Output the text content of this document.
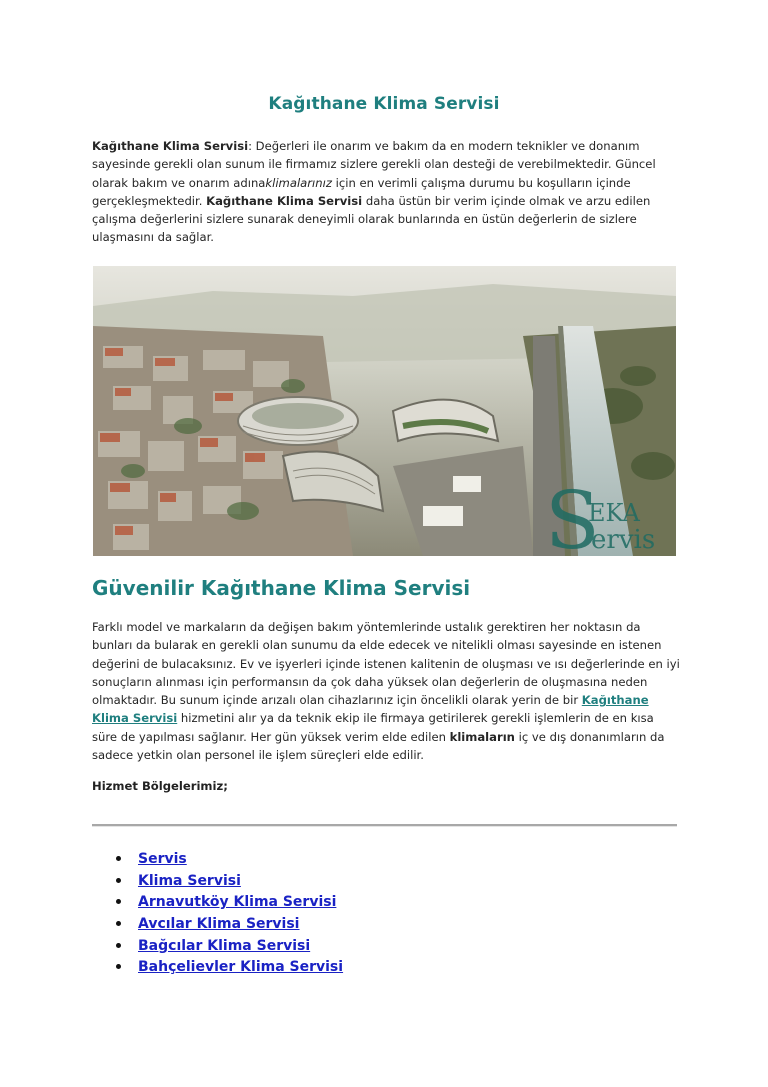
Kağıthane Klima Servisi
Kağıthane Klima Servisi: Değerleri ile onarım ve bakım da en modern teknikler ve donanım sayesinde gerekli olan sunum ile firmamız sizlere gerekli olan desteği de verebilmektedir. Güncel olarak bakım ve onarım adınaklimalarınız için en verimli çalışma durumu bu koşulların içinde gerçekleşmektedir. Kağıthane Klima Servisi daha üstün bir verim içinde olmak ve arzu edilen çalışma değerlerini sizlere sunarak deneyimli olarak bunlarında en üstün değerlerin de sizlere ulaşmasını da sağlar.
S
EKA
ervis
Güvenilir Kağıthane Klima Servisi
Farklı model ve markaların da değişen bakım yöntemlerinde ustalık gerektiren her noktasın da bunları da bularak en gerekli olan sunumu da elde edecek ve nitelikli olması sayesinde en istenen değerini de bulacaksınız. Ev ve işyerleri içinde istenen kalitenin de oluşması ve ısı değerlerinde en iyi sonuçların alınması için performansın da çok daha yüksek olan değerlerin de oluşmasına neden olmaktadır. Bu sunum içinde arızalı olan cihazlarınız için öncelikli olarak yerin de bir Kağıthane Klima Servisi hizmetini alır ya da teknik ekip ile firmaya getirilerek gerekli işlemlerin de en kısa süre de yapılması sağlanır. Her gün yüksek verim elde edilen klimaların iç ve dış donanımların da sadece yetkin olan personel ile işlem süreçleri elde edilir.
Hizmet Bölgelerimiz;
Servis
Klima Servisi
Arnavutköy Klima Servisi
Avcılar Klima Servisi
Bağcılar Klima Servisi
Bahçelievler Klima Servisi
